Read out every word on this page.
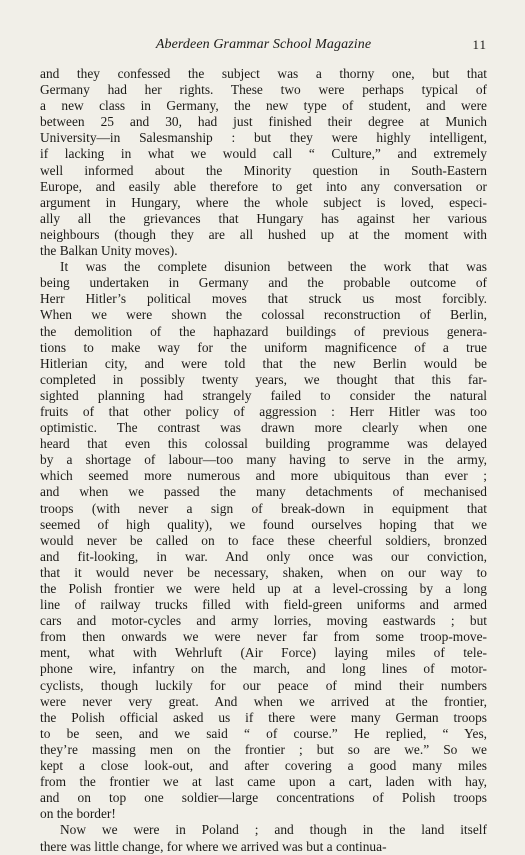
Aberdeen Grammar School Magazine	11
and they confessed the subject was a thorny one, but that
Germany had her rights. These two were perhaps typical of
a new class in Germany, the new type of student, and were
between 25 and 30, had just finished their degree at Munich
University—in Salesmanship : but they were highly intelligent,
if lacking in what we would call “ Culture,” and extremely
well informed about the Minority question in South-Eastern
Europe, and easily able therefore to get into any conversation or
argument in Hungary, where the whole subject is loved, especi-
ally all the grievances that Hungary has against her various
neighbours (though they are all hushed up at the moment with
the Balkan Unity moves).
It was the complete disunion between the work that was
being undertaken in Germany and the probable outcome of
Herr Hitler’s political moves that struck us most forcibly.
When we were shown the colossal reconstruction of Berlin,
the demolition of the haphazard buildings of previous genera-
tions to make way for the uniform magnificence of a true
Hitlerian city, and were told that the new Berlin would be
completed in possibly twenty years, we thought that this far-
sighted planning had strangely failed to consider the natural
fruits of that other policy of aggression : Herr Hitler was too
optimistic. The contrast was drawn more clearly when one
heard that even this colossal building programme was delayed
by a shortage of labour—too many having to serve in the army,
which seemed more numerous and more ubiquitous than ever ;
and when we passed the many detachments of mechanised
troops (with never a sign of break-down in equipment that
seemed of high quality), we found ourselves hoping that we
would never be called on to face these cheerful soldiers, bronzed
and fit-looking, in war. And only once was our conviction,
that it would never be necessary, shaken, when on our way to
the Polish frontier we were held up at a level-crossing by a long
line of railway trucks filled with field-green uniforms and armed
cars and motor-cycles and army lorries, moving eastwards ; but
from then onwards we were never far from some troop-move-
ment, what with Wehrluft (Air Force) laying miles of tele-
phone wire, infantry on the march, and long lines of motor-
cyclists, though luckily for our peace of mind their numbers
were never very great. And when we arrived at the frontier,
the Polish official asked us if there were many German troops
to be seen, and we said “ of course.” He replied, “ Yes,
they’re massing men on the frontier ; but so are we.” So we
kept a close look-out, and after covering a good many miles
from the frontier we at last came upon a cart, laden with hay,
and on top one soldier—large concentrations of Polish troops
on the border!
Now we were in Poland ; and though in the land itself
there was little change, for where we arrived was but a continua-
